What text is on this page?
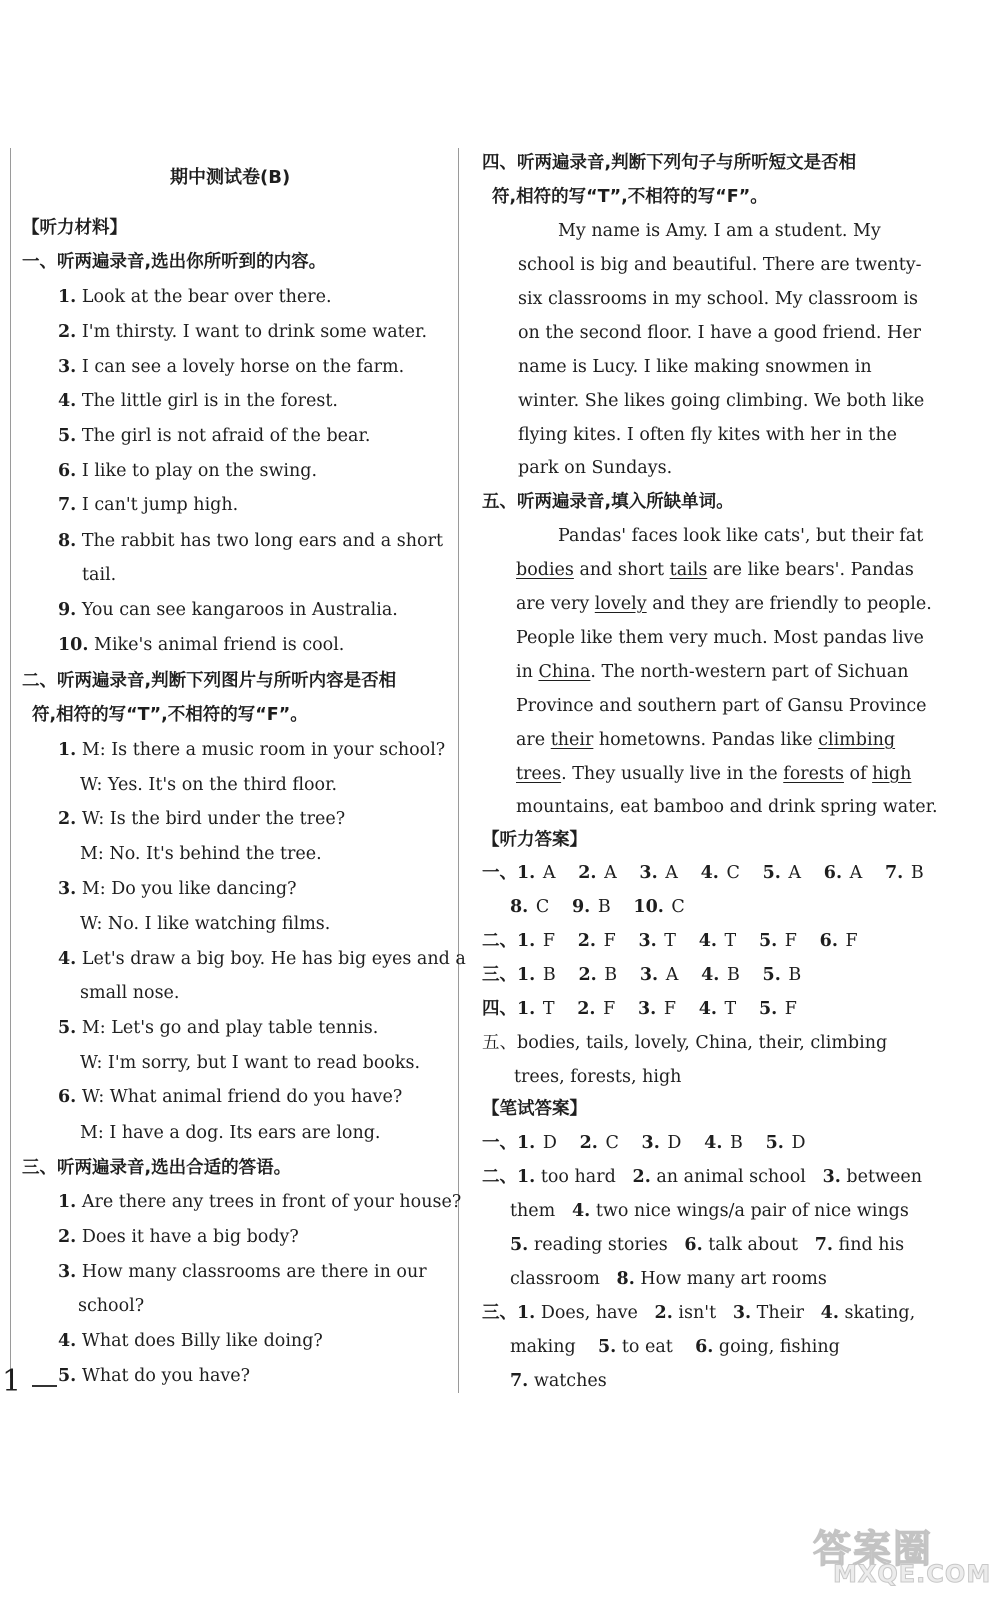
期中测试卷(B)
【听力材料】
一、听两遍录音,选出你所听到的内容。
1. Look at the bear over there.
2. I'm thirsty. I want to drink some water.
3. I can see a lovely horse on the farm.
4. The little girl is in the forest.
5. The girl is not afraid of the bear.
6. I like to play on the swing.
7. I can't jump high.
8. The rabbit has two long ears and a short
tail.
9. You can see kangaroos in Australia.
10. Mike's animal friend is cool.
二、听两遍录音,判断下列图片与所听内容是否相
符,相符的写“T”,不相符的写“F”。
1. M: Is there a music room in your school?
W: Yes. It's on the third floor.
2. W: Is the bird under the tree?
M: No. It's behind the tree.
3. M: Do you like dancing?
W: No. I like watching films.
4. Let's draw a big boy. He has big eyes and a
small nose.
5. M: Let's go and play table tennis.
W: I'm sorry, but I want to read books.
6. W: What animal friend do you have?
M: I have a dog. Its ears are long.
三、听两遍录音,选出合适的答语。
1. Are there any trees in front of your house?
2. Does it have a big body?
3. How many classrooms are there in our
school?
4. What does Billy like doing?
5. What do you have?
四、听两遍录音,判断下列句子与所听短文是否相
符,相符的写“T”,不相符的写“F”。
My name is Amy. I am a student. My
school is big and beautiful. There are twenty-
six classrooms in my school. My classroom is
on the second floor. I have a good friend. Her
name is Lucy. I like making snowmen in
winter. She likes going climbing. We both like
flying kites. I often fly kites with her in the
park on Sundays.
五、听两遍录音,填入所缺单词。
Pandas' faces look like cats', but their fat
bodies and short tails are like bears'. Pandas
are very lovely and they are friendly to people.
People like them very much. Most pandas live
in China. The north-western part of Sichuan
Province and southern part of Gansu Province
are their hometowns. Pandas like climbing
trees. They usually live in the forests of high
mountains, eat bamboo and drink spring water.
【听力答案】
一、1. A 2. A 3. A 4. C 5. A 6. A 7. B
8. C 9. B 10. C
二、1. F 2. F 3. T 4. T 5. F 6. F
三、1. B 2. B 3. A 4. B 5. B
四、1. T 2. F 3. F 4. T 5. F
五、bodies, tails, lovely, China, their, climbing
trees, forests, high
【笔试答案】
一、1. D 2. C 3. D 4. B 5. D
二、1. too hard 2. an animal school 3. between
them 4. two nice wings/a pair of nice wings
5. reading stories 6. talk about 7. find his
classroom 8. How many art rooms
三、1. Does, have 2. isn't 3. Their 4. skating,
making 5. to eat 6. going, fishing
7. watches
1
答案圈
MXQE.COM
